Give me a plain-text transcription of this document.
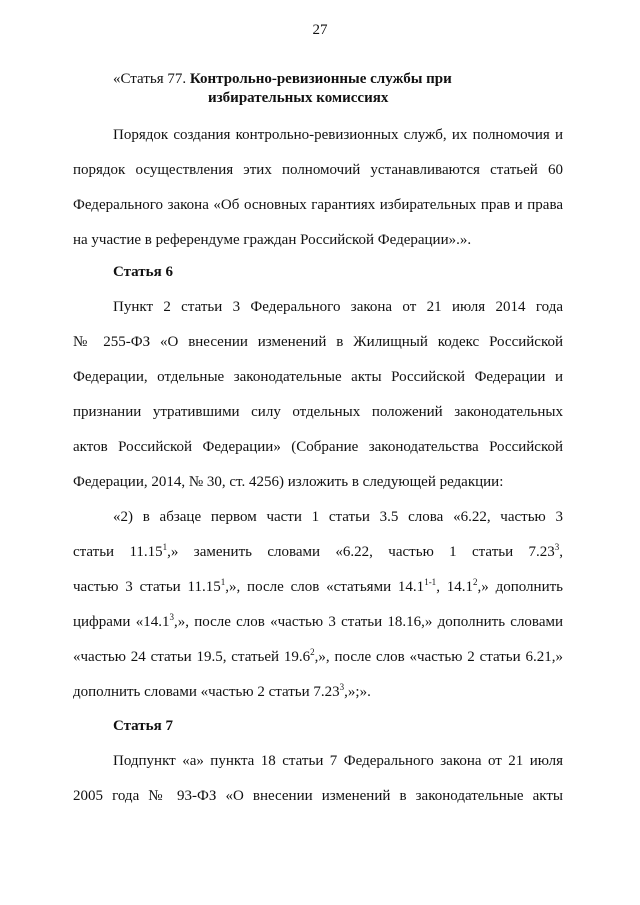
27
«Статья 77. Контрольно-ревизионные службы при
избирательных комиссиях
Порядок создания контрольно-ревизионных служб, их полномочия и
порядок осуществления этих полномочий устанавливаются статьей 60
Федерального закона «Об основных гарантиях избирательных прав и права
на участие в референдуме граждан Российской Федерации».».
Статья 6
Пункт 2 статьи 3 Федерального закона от 21 июля 2014 года
№ 255-ФЗ «О внесении изменений в Жилищный кодекс Российской
Федерации, отдельные законодательные акты Российской Федерации и
признании утратившими силу отдельных положений законодательных
актов Российской Федерации» (Собрание законодательства Российской
Федерации, 2014, № 30, ст. 4256) изложить в следующей редакции:
«2) в абзаце первом части 1 статьи 3.5 слова «6.22, частью 3
статьи 11.15$^1$,» заменить словами «6.22, частью 1 статьи 7.23$^3$,
частью 3 статьи 11.15$^1$,», после слов «статьями 14.1$^{1-1}$, 14.1$^2$,» дополнить
цифрами «14.1$^3$,», после слов «частью 3 статьи 18.16,» дополнить словами
«частью 24 статьи 19.5, статьей 19.6$^2$,», после слов «частью 2 статьи 6.21,»
дополнить словами «частью 2 статьи 7.23$^3$,»;».
Статья 7
Подпункт «а» пункта 18 статьи 7 Федерального закона от 21 июля
2005 года № 93-ФЗ «О внесении изменений в законодательные акты
